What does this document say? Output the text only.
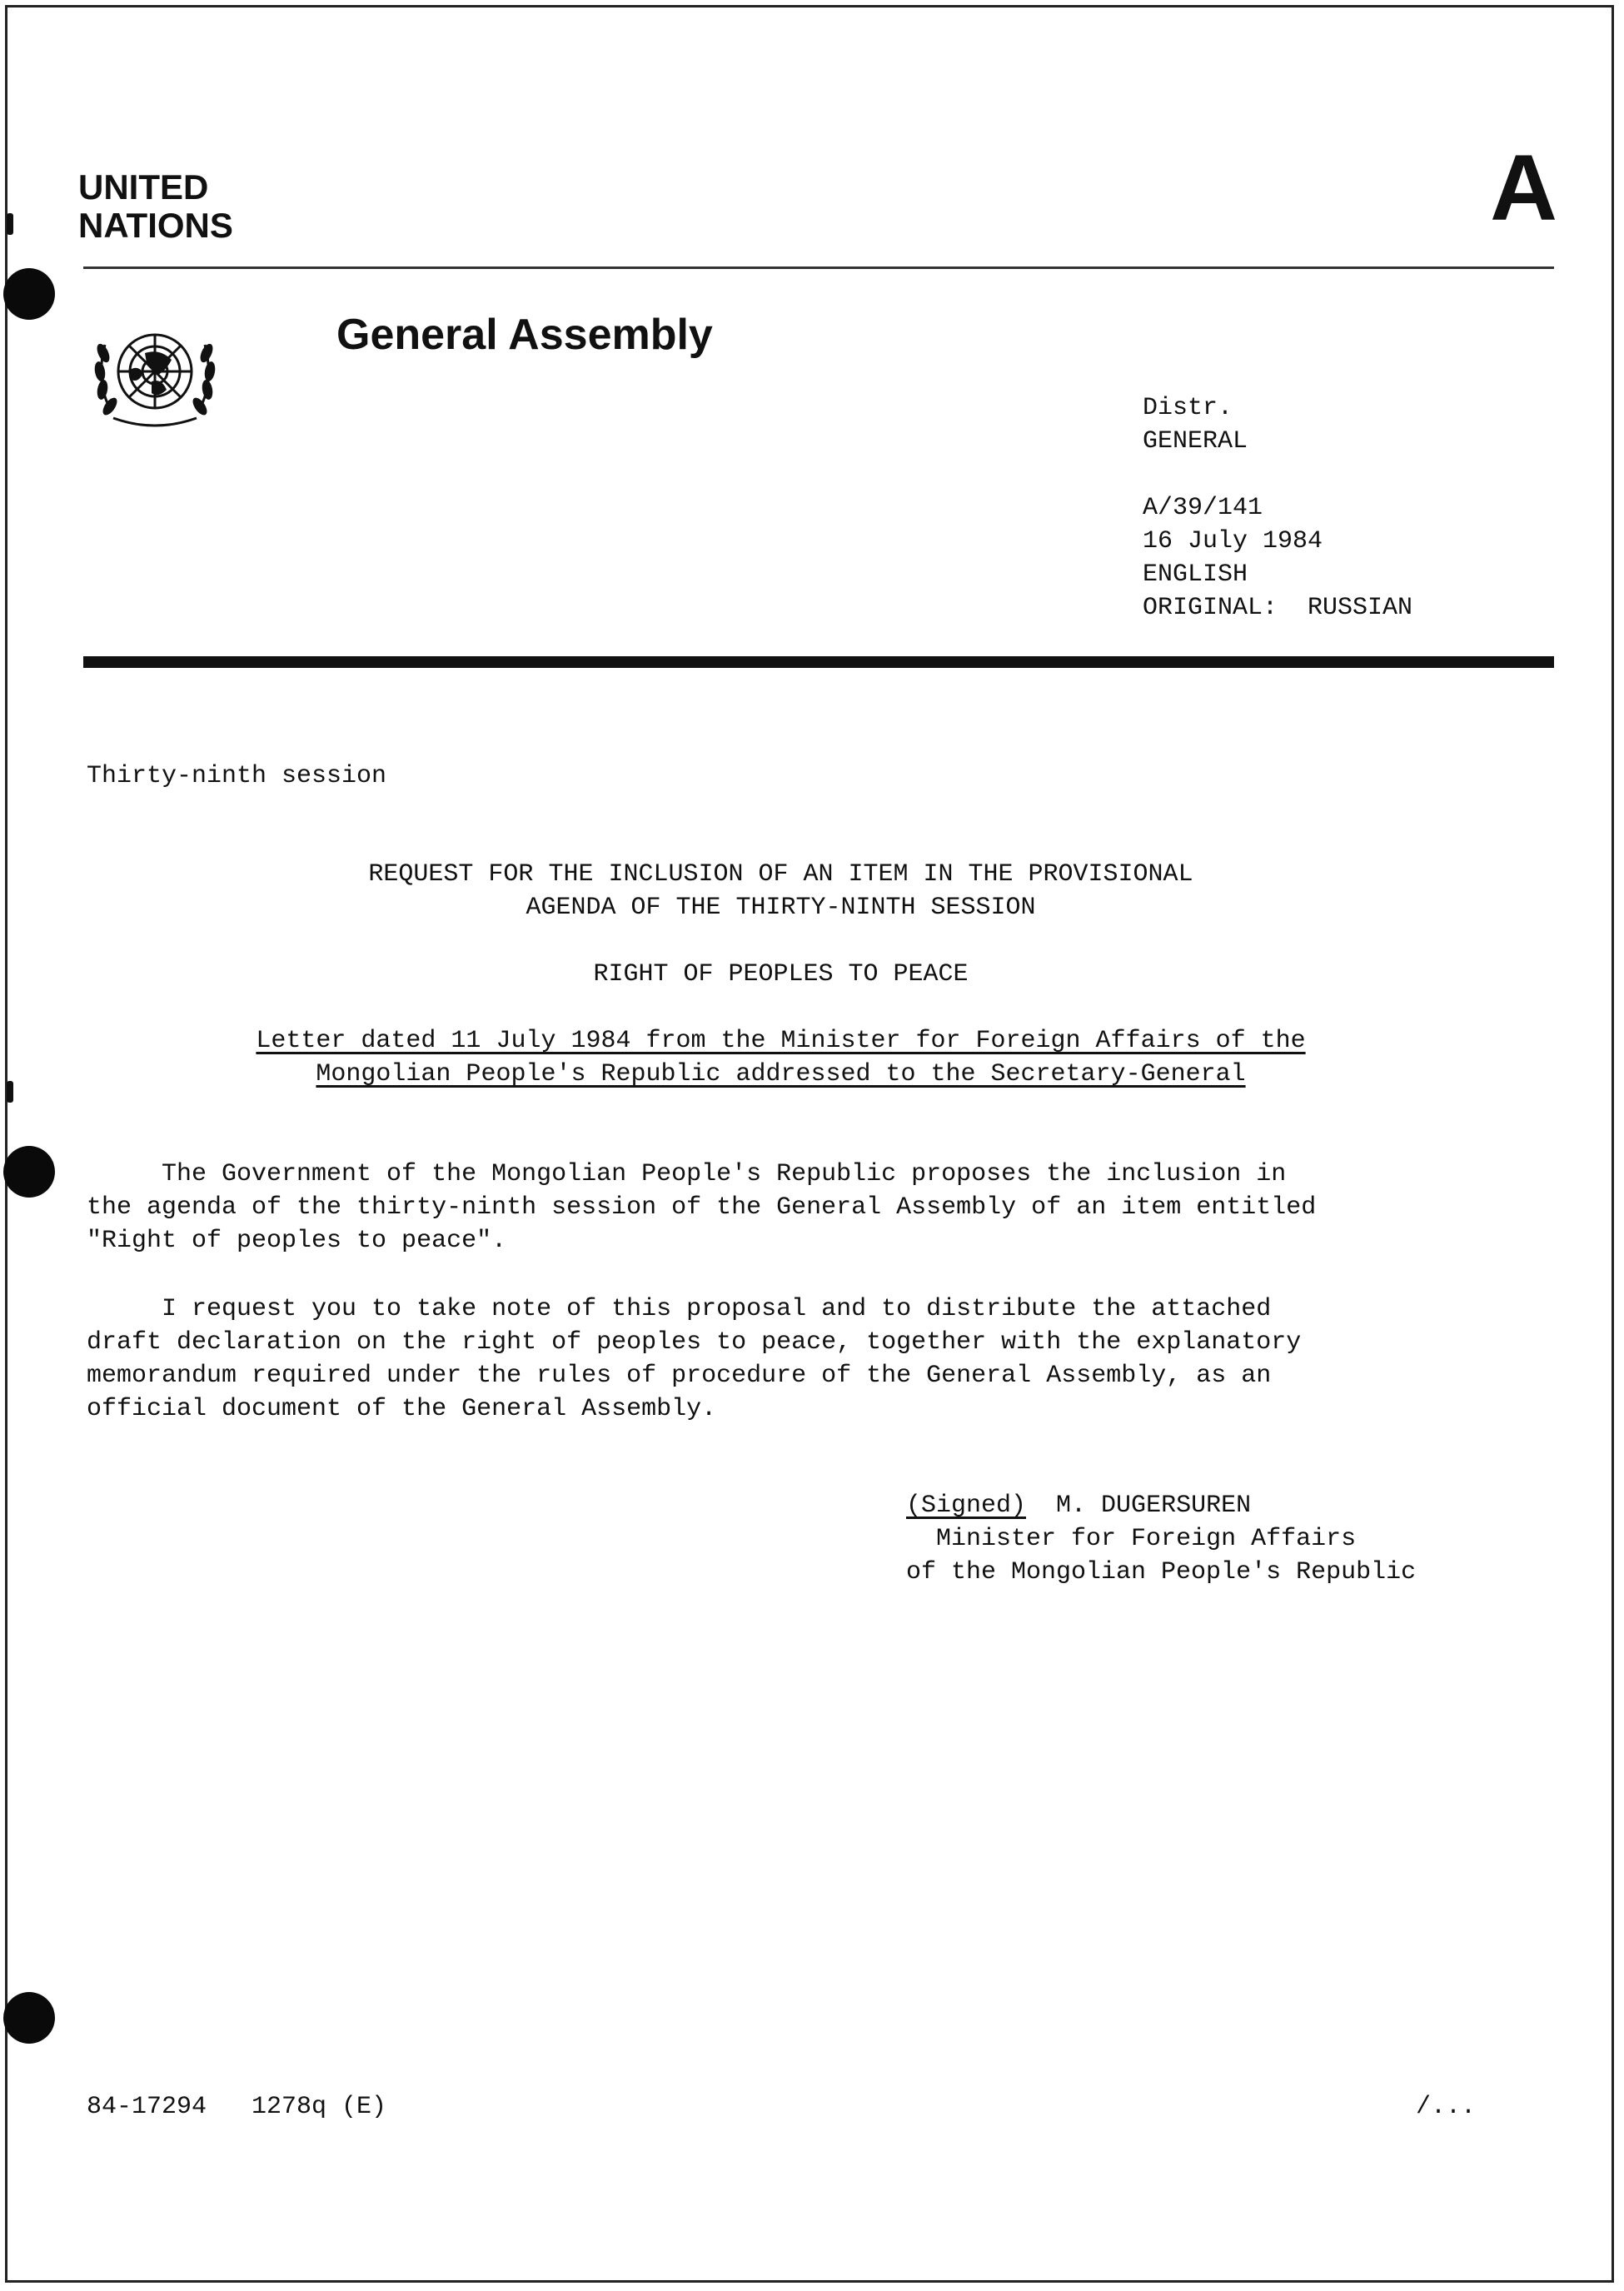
UNITED
NATIONS	A
General Assembly
Distr.
GENERAL
A/39/141
16 July 1984
ENGLISH
ORIGINAL:  RUSSIAN
Thirty-ninth session
REQUEST FOR THE INCLUSION OF AN ITEM IN THE PROVISIONAL
AGENDA OF THE THIRTY-NINTH SESSION
RIGHT OF PEOPLES TO PEACE
Letter dated 11 July 1984 from the Minister for Foreign Affairs of the
Mongolian People's Republic addressed to the Secretary-General
The Government of the Mongolian People's Republic proposes the inclusion in
the agenda of the thirty-ninth session of the General Assembly of an item entitled
"Right of peoples to peace".
I request you to take note of this proposal and to distribute the attached
draft declaration on the right of peoples to peace, together with the explanatory
memorandum required under the rules of procedure of the General Assembly, as an
official document of the General Assembly.
(Signed) M. DUGERSUREN
Minister for Foreign Affairs
of the Mongolian People's Republic
84-17294   1278q (E)	/...
